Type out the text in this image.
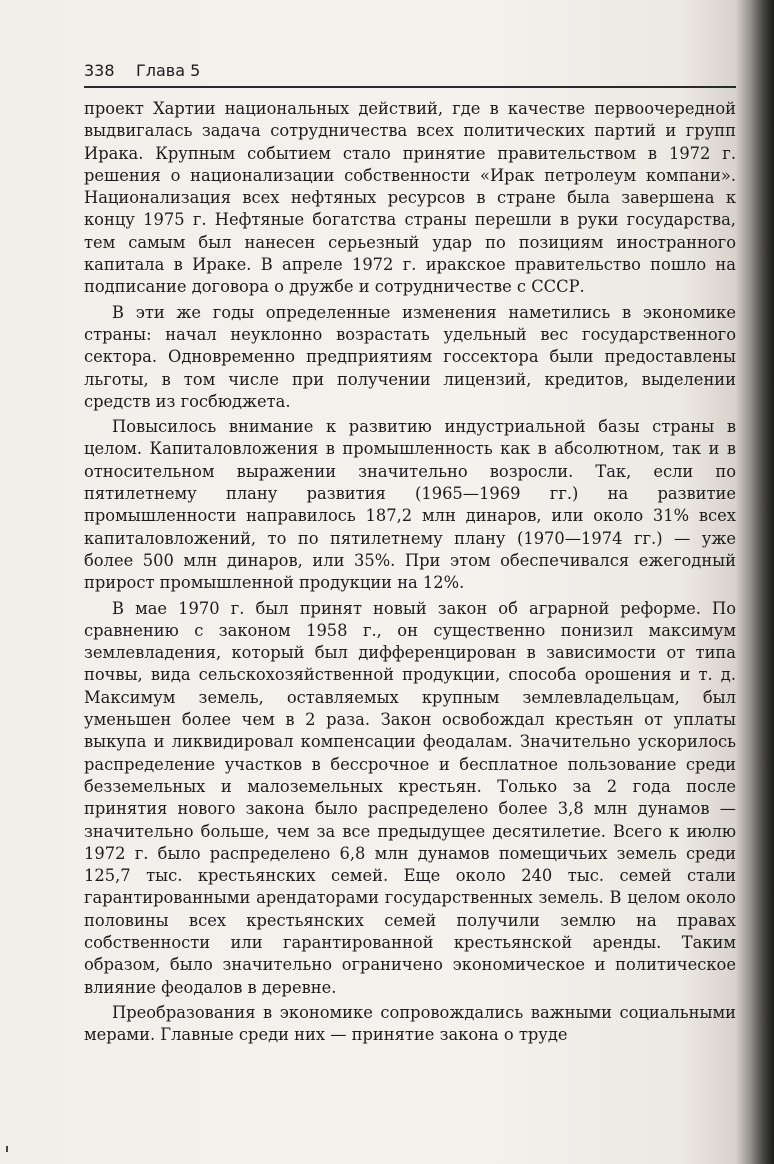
338 Глава 5

проект Хартии национальных действий, где в качестве первоочередной выдвигалась задача сотрудничества всех политических партий и групп Ирака. Крупным событием стало принятие правительством в 1972 г. решения о национализации собственности «Ирак петролеум компани». Национализация всех нефтяных ресурсов в стране была завершена к концу 1975 г. Нефтяные богатства страны перешли в руки государства, тем самым был нанесен серьезный удар по позициям иностранного капитала в Ираке. В апреле 1972 г. иракское правительство пошло на подписание договора о дружбе и сотрудничестве с СССР.

В эти же годы определенные изменения наметились в экономике страны: начал неуклонно возрастать удельный вес государственного сектора. Одновременно предприятиям госсектора были предоставлены льготы, в том числе при получении лицензий, кредитов, выделении средств из госбюджета.

Повысилось внимание к развитию индустриальной базы страны в целом. Капиталовложения в промышленность как в абсолютном, так и в относительном выражении значительно возросли. Так, если по пятилетнему плану развития (1965—1969 гг.) на развитие промышленности направилось 187,2 млн динаров, или около 31% всех капиталовложений, то по пятилетнему плану (1970—1974 гг.) — уже более 500 млн динаров, или 35%. При этом обеспечивался ежегодный прирост промышленной продукции на 12%.

В мае 1970 г. был принят новый закон об аграрной реформе. По сравнению с законом 1958 г., он существенно понизил максимум землевладения, который был дифференцирован в зависимости от типа почвы, вида сельскохозяйственной продукции, способа орошения и т. д. Максимум земель, оставляемых крупным землевладельцам, был уменьшен более чем в 2 раза. Закон освобождал крестьян от уплаты выкупа и ликвидировал компенсации феодалам. Значительно ускорилось распределение участков в бессрочное и бесплатное пользование среди безземельных и малоземельных крестьян. Только за 2 года после принятия нового закона было распределено более 3,8 млн дунамов — значительно больше, чем за все предыдущее десятилетие. Всего к июлю 1972 г. было распределено 6,8 млн дунамов помещичьих земель среди 125,7 тыс. крестьянских семей. Еще около 240 тыс. семей стали гарантированными арендаторами государственных земель. В целом около половины всех крестьянских семей получили землю на правах собственности или гарантированной крестьянской аренды. Таким образом, было значительно ограничено экономическое и политическое влияние феодалов в деревне.

Преобразования в экономике сопровождались важными социальными мерами. Главные среди них — принятие закона о труде
